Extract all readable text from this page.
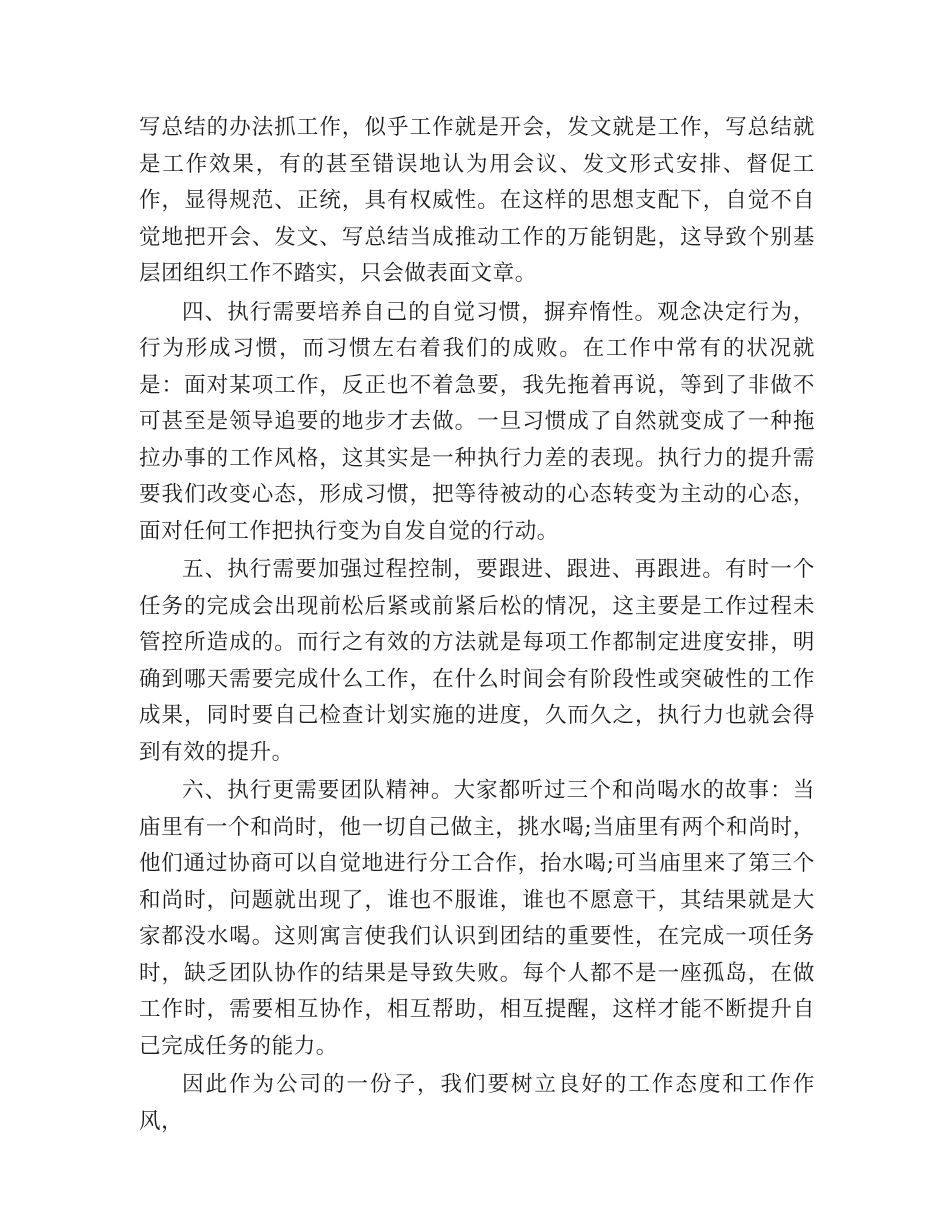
写总结的办法抓工作，似乎工作就是开会，发文就是工作，写总结就是工作效果，有的甚至错误地认为用会议、发文形式安排、督促工作，显得规范、正统，具有权威性。在这样的思想支配下，自觉不自觉地把开会、发文、写总结当成推动工作的万能钥匙，这导致个别基层团组织工作不踏实，只会做表面文章。

四、执行需要培养自己的自觉习惯，摒弃惰性。观念决定行为，行为形成习惯，而习惯左右着我们的成败。在工作中常有的状况就是：面对某项工作，反正也不着急要，我先拖着再说，等到了非做不可甚至是领导追要的地步才去做。一旦习惯成了自然就变成了一种拖拉办事的工作风格，这其实是一种执行力差的表现。执行力的提升需要我们改变心态，形成习惯，把等待被动的心态转变为主动的心态，面对任何工作把执行变为自发自觉的行动。

五、执行需要加强过程控制，要跟进、跟进、再跟进。有时一个任务的完成会出现前松后紧或前紧后松的情况，这主要是工作过程未管控所造成的。而行之有效的方法就是每项工作都制定进度安排，明确到哪天需要完成什么工作，在什么时间会有阶段性或突破性的工作成果，同时要自己检查计划实施的进度，久而久之，执行力也就会得到有效的提升。

六、执行更需要团队精神。大家都听过三个和尚喝水的故事：当庙里有一个和尚时，他一切自己做主，挑水喝;当庙里有两个和尚时，他们通过协商可以自觉地进行分工合作，抬水喝;可当庙里来了第三个和尚时，问题就出现了，谁也不服谁，谁也不愿意干，其结果就是大家都没水喝。这则寓言使我们认识到团结的重要性，在完成一项任务时，缺乏团队协作的结果是导致失败。每个人都不是一座孤岛，在做工作时，需要相互协作，相互帮助，相互提醒，这样才能不断提升自己完成任务的能力。

因此作为公司的一份子，我们要树立良好的工作态度和工作作风，
